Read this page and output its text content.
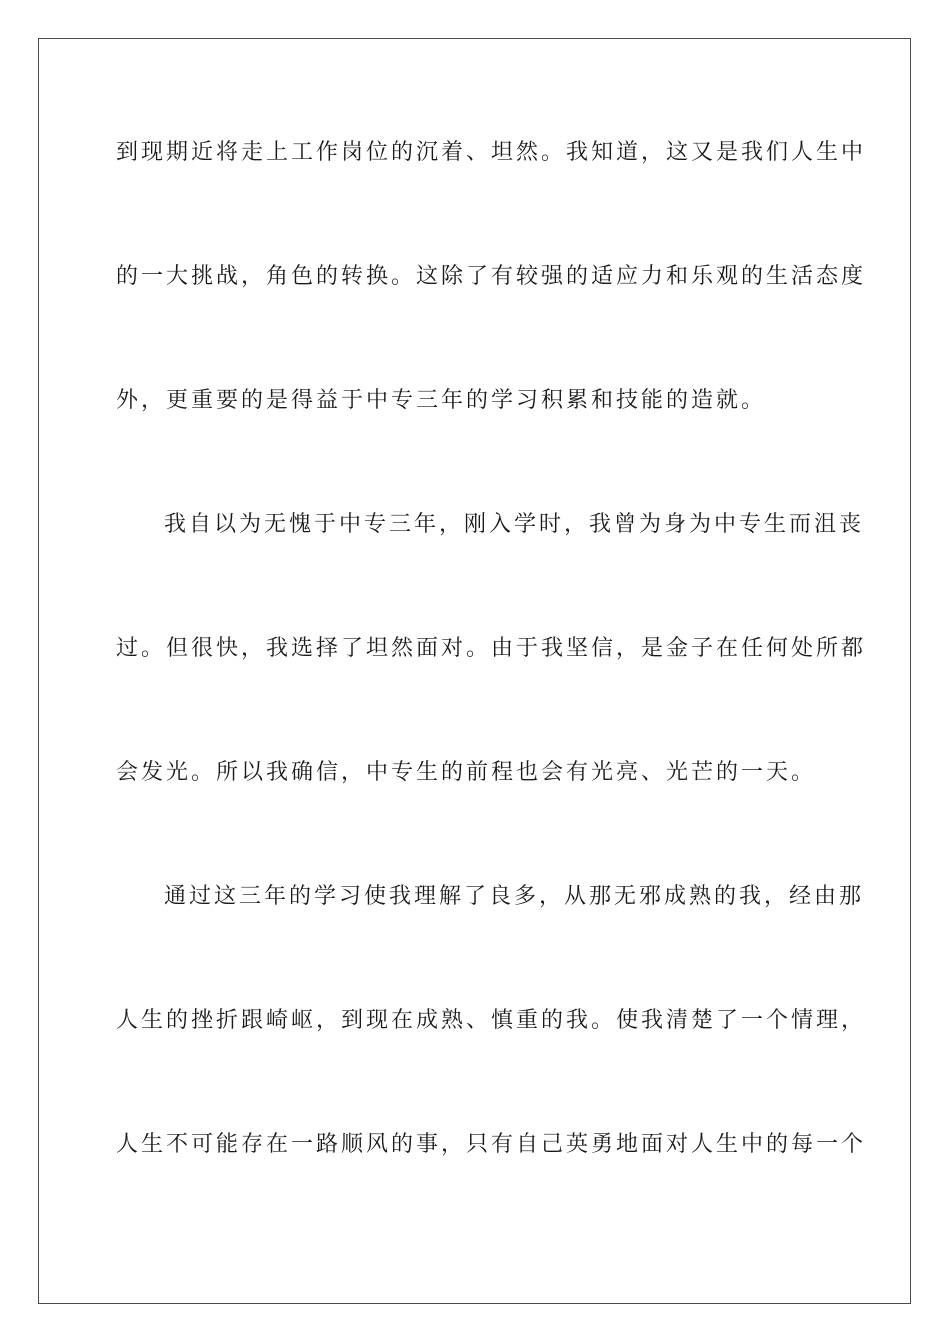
到现期近将走上工作岗位的沉着、坦然。我知道，这又是我们人生中
的一大挑战，角色的转换。这除了有较强的适应力和乐观的生活态度
外，更重要的是得益于中专三年的学习积累和技能的造就。
我自以为无愧于中专三年，刚入学时，我曾为身为中专生而沮丧
过。但很快，我选择了坦然面对。由于我坚信，是金子在任何处所都
会发光。所以我确信，中专生的前程也会有光亮、光芒的一天。
通过这三年的学习使我理解了良多，从那无邪成熟的我，经由那
人生的挫折跟崎岖，到现在成熟、慎重的我。使我清楚了一个情理，
人生不可能存在一路顺风的事，只有自己英勇地面对人生中的每一个
